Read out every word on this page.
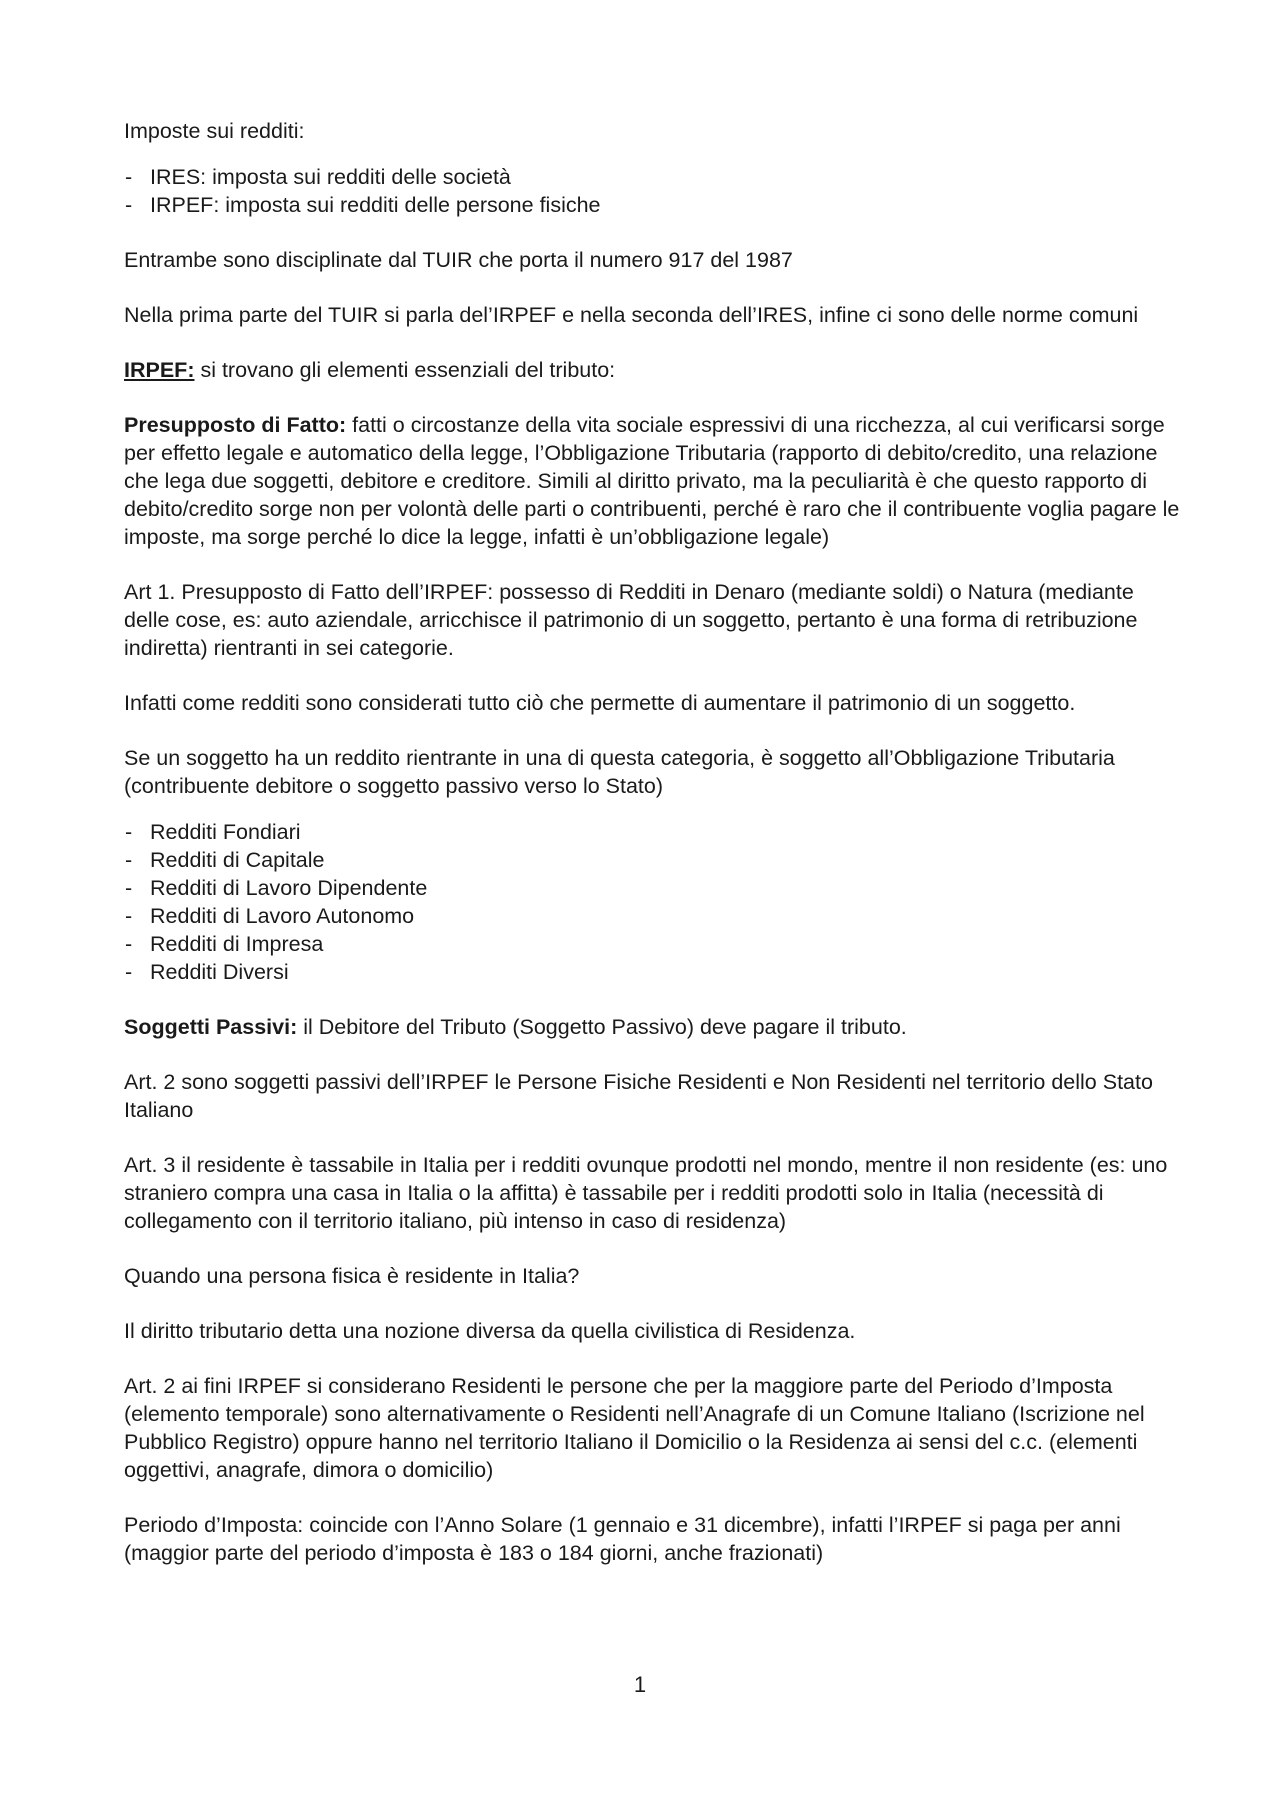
Imposte sui redditi:

- IRES: imposta sui redditi delle società
- IRPEF: imposta sui redditi delle persone fisiche

Entrambe sono disciplinate dal TUIR che porta il numero 917 del 1987

Nella prima parte del TUIR si parla del’IRPEF e nella seconda dell’IRES, infine ci sono delle norme comuni

IRPEF: si trovano gli elementi essenziali del tributo:

Presupposto di Fatto: fatti o circostanze della vita sociale espressivi di una ricchezza, al cui verificarsi sorge per effetto legale e automatico della legge, l’Obbligazione Tributaria (rapporto di debito/credito, una relazione che lega due soggetti, debitore e creditore. Simili al diritto privato, ma la peculiarità è che questo rapporto di debito/credito sorge non per volontà delle parti o contribuenti, perché è raro che il contribuente voglia pagare le imposte, ma sorge perché lo dice la legge, infatti è un’obbligazione legale)

Art 1. Presupposto di Fatto dell’IRPEF: possesso di Redditi in Denaro (mediante soldi) o Natura (mediante delle cose, es: auto aziendale, arricchisce il patrimonio di un soggetto, pertanto è una forma di retribuzione indiretta) rientranti in sei categorie.

Infatti come redditi sono considerati tutto ciò che permette di aumentare il patrimonio di un soggetto.

Se un soggetto ha un reddito rientrante in una di questa categoria, è soggetto all’Obbligazione Tributaria (contribuente debitore o soggetto passivo verso lo Stato)

- Redditi Fondiari
- Redditi di Capitale
- Redditi di Lavoro Dipendente
- Redditi di Lavoro Autonomo
- Redditi di Impresa
- Redditi Diversi

Soggetti Passivi: il Debitore del Tributo (Soggetto Passivo) deve pagare il tributo.

Art. 2 sono soggetti passivi dell’IRPEF le Persone Fisiche Residenti e Non Residenti nel territorio dello Stato Italiano

Art. 3 il residente è tassabile in Italia per i redditi ovunque prodotti nel mondo, mentre il non residente (es: uno straniero compra una casa in Italia o la affitta) è tassabile per i redditi prodotti solo in Italia (necessità di collegamento con il territorio italiano, più intenso in caso di residenza)

Quando una persona fisica è residente in Italia?

Il diritto tributario detta una nozione diversa da quella civilistica di Residenza.

Art. 2 ai fini IRPEF si considerano Residenti le persone che per la maggiore parte del Periodo d’Imposta (elemento temporale) sono alternativamente o Residenti nell’Anagrafe di un Comune Italiano (Iscrizione nel Pubblico Registro) oppure hanno nel territorio Italiano il Domicilio o la Residenza ai sensi del c.c. (elementi oggettivi, anagrafe, dimora o domicilio)

Periodo d’Imposta: coincide con l’Anno Solare (1 gennaio e 31 dicembre), infatti l’IRPEF si paga per anni (maggior parte del periodo d’imposta è 183 o 184 giorni, anche frazionati)

1
